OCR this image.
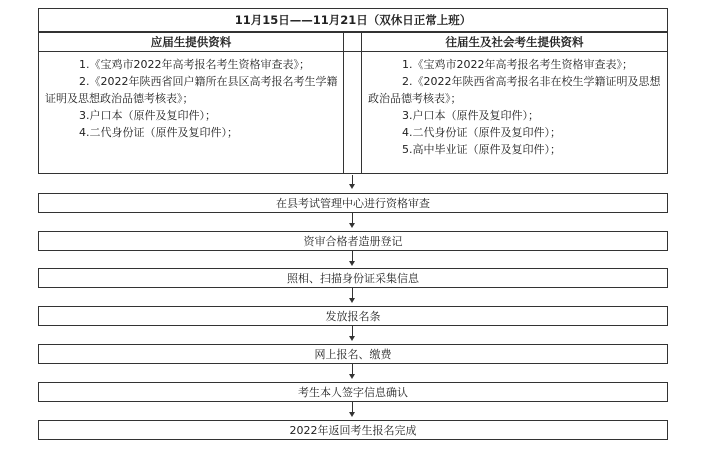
11月15日——11月21日（双休日正常上班）
应届生提供资料	往届生及社会考生提供资料

1.《宝鸡市2022年高考报名考生资格审查表》；

2.《2022年陕西省回户籍所在县区高考报名考生学籍证明及思想政治品德考核表》；

3.户口本（原件及复印件）；

4.二代身份证（原件及复印件）；

1.《宝鸡市2022年高考报名考生资格审查表》；

2.《2022年陕西省高考报名非在校生学籍证明及思想政治品德考核表》；

3.户口本（原件及复印件）；

4.二代身份证（原件及复印件）；

5.高中毕业证（原件及复印件）；

在县考试管理中心进行资格审查
资审合格者造册登记
照相、扫描身份证采集信息
发放报名条
网上报名、缴费
考生本人签字信息确认
2022年返回考生报名完成
